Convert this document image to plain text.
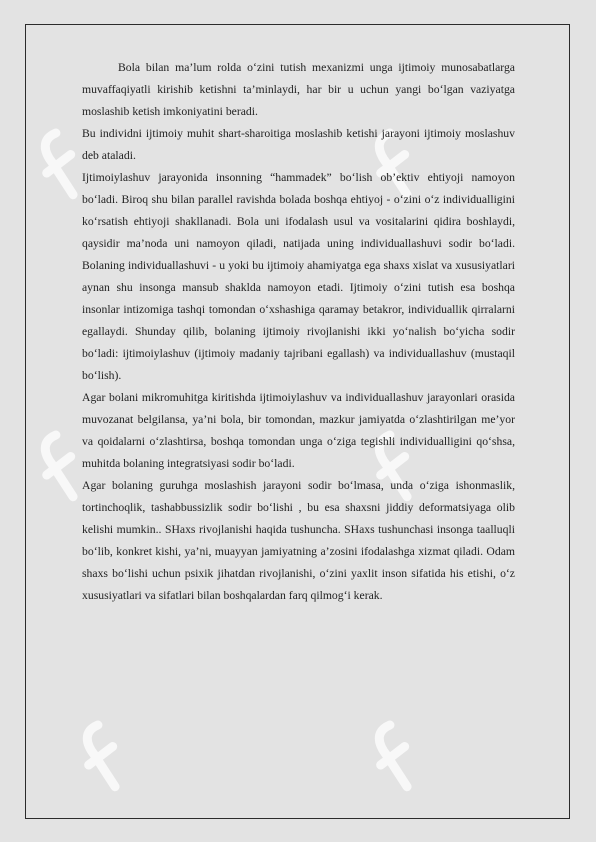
Bola bilan ma’lum rolda o‘zini tutish mexanizmi unga ijtimoiy munosabatlarga muvaffaqiyatli kirishib ketishni ta’minlaydi, har bir u uchun yangi bo‘lgan vaziyatga moslashib ketish imkoniyatini beradi.

Bu individni ijtimoiy muhit shart-sharoitiga moslashib ketishi jarayoni ijtimoiy moslashuv deb ataladi.

Ijtimoiylashuv jarayonida insonning “hammadek” bo‘lish ob’ektiv ehtiyoji namoyon bo‘ladi. Biroq shu bilan parallel ravishda bolada boshqa ehtiyoj - o‘zini o‘z individualligini ko‘rsatish ehtiyoji shakllanadi. Bola uni ifodalash usul va vositalarini qidira boshlaydi, qaysidir ma’noda uni namoyon qiladi, natijada uning individuallashuvi sodir bo‘ladi. Bolaning individuallashuvi - u yoki bu ijtimoiy ahamiyatga ega shaxs xislat va xususiyatlari aynan shu insonga mansub shaklda namoyon etadi. Ijtimoiy o‘zini tutish esa boshqa insonlar intizomiga tashqi tomondan o‘xshashiga qaramay betakror, individuallik qirralarni egallaydi. Shunday qilib, bolaning ijtimoiy rivojlanishi ikki yo‘nalish bo‘yicha sodir bo‘ladi: ijtimoiylashuv (ijtimoiy madaniy tajribani egallash) va individuallashuv (mustaqil bo‘lish).

Agar bolani mikromuhitga kiritishda ijtimoiylashuv va individuallashuv jarayonlari orasida muvozanat belgilansa, ya’ni bola, bir tomondan, mazkur jamiyatda o‘zlashtirilgan me’yor va qoidalarni o‘zlashtirsa, boshqa tomondan unga o‘ziga tegishli individualligini qo‘shsa, muhitda bolaning integratsiyasi sodir bo‘ladi.

Agar bolaning guruhga moslashish jarayoni sodir bo‘lmasa, unda o‘ziga ishonmaslik, tortinchoqlik, tashabbussizlik sodir bo‘lishi , bu esa shaxsni jiddiy deformatsiyaga olib kelishi mumkin.. SHaxs rivojlanishi haqida tushuncha. SHaxs tushunchasi insonga taalluqli bo‘lib, konkret kishi, ya’ni, muayyan jamiyatning a’zosini ifodalashga xizmat qiladi. Odam shaxs bo‘lishi uchun psixik jihatdan rivojlanishi, o‘zini yaxlit inson sifatida his etishi, o‘z xususiyatlari va sifatlari bilan boshqalardan farq qilmog‘i kerak.
